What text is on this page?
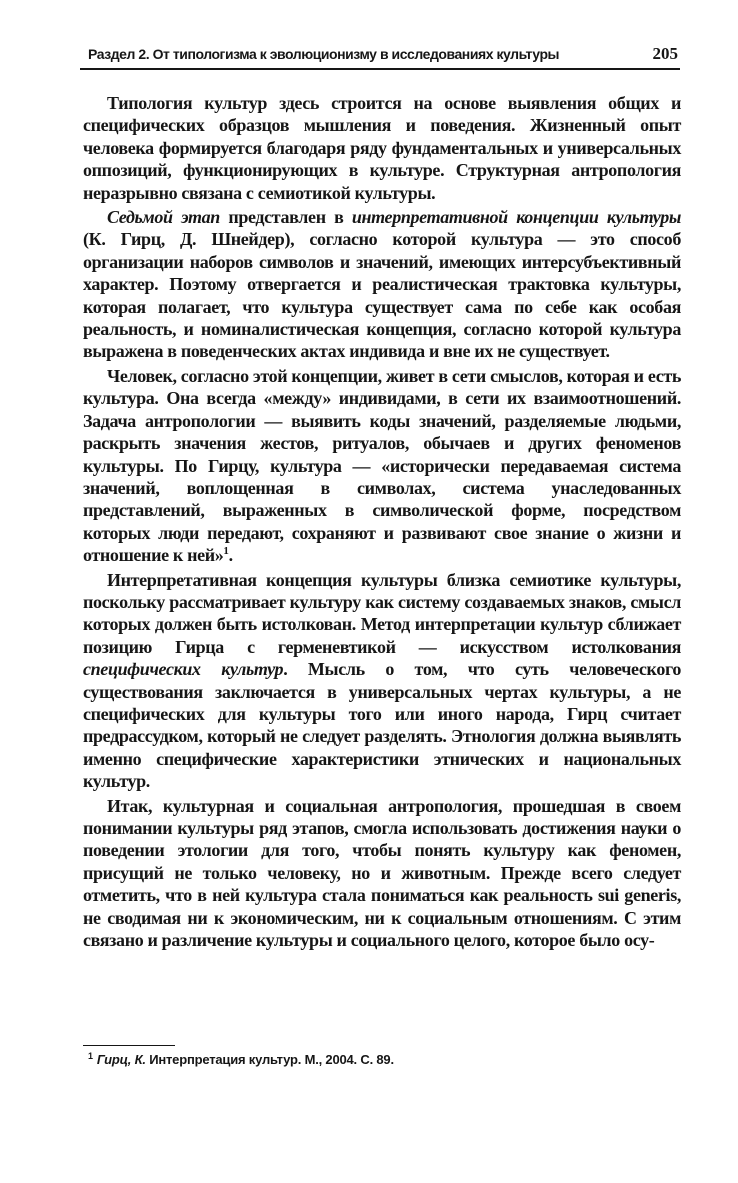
Раздел 2. От типологизма к эволюционизму в исследованиях культуры	205

Типология культур здесь строится на основе выявления общих и специфических образцов мышления и поведения. Жизненный опыт человека формируется благодаря ряду фундаментальных и универсальных оппозиций, функционирующих в культуре. Структурная антропология неразрывно связана с семиотикой культуры.

Седьмой этап представлен в интерпретативной концепции культуры (К. Гирц, Д. Шнейдер), согласно которой культура — это способ организации наборов символов и значений, имеющих интерсубъективный характер. Поэтому отвергается и реалистическая трактовка культуры, которая полагает, что культура существует сама по себе как особая реальность, и номиналистическая концепция, согласно которой культура выражена в поведенческих актах индивида и вне их не существует.

Человек, согласно этой концепции, живет в сети смыслов, которая и есть культура. Она всегда «между» индивидами, в сети их взаимоотношений. Задача антропологии — выявить коды значений, разделяемые людьми, раскрыть значения жестов, ритуалов, обычаев и других феноменов культуры. По Гирцу, культура — «исторически передаваемая система значений, воплощенная в символах, система унаследованных представлений, выраженных в символической форме, посредством которых люди передают, сохраняют и развивают свое знание о жизни и отношение к ней»$^1$.

Интерпретативная концепция культуры близка семиотике культуры, поскольку рассматривает культуру как систему создаваемых знаков, смысл которых должен быть истолкован. Метод интерпретации культур сближает позицию Гирца с герменевтикой — искусством истолкования специфических культур. Мысль о том, что суть человеческого существования заключается в универсальных чертах культуры, а не специфических для культуры того или иного народа, Гирц считает предрассудком, который не следует разделять. Этнология должна выявлять именно специфические характеристики этнических и национальных культур.

Итак, культурная и социальная антропология, прошедшая в своем понимании культуры ряд этапов, смогла использовать достижения науки о поведении этологии для того, чтобы понять культуру как феномен, присущий не только человеку, но и животным. Прежде всего следует отметить, что в ней культура стала пониматься как реальность sui generis, не сводимая ни к экономическим, ни к социальным отношениям. С этим связано и различение культуры и социального целого, которое было осу-

$^1$ Гирц, К. Интерпретация культур. М., 2004. С. 89.
